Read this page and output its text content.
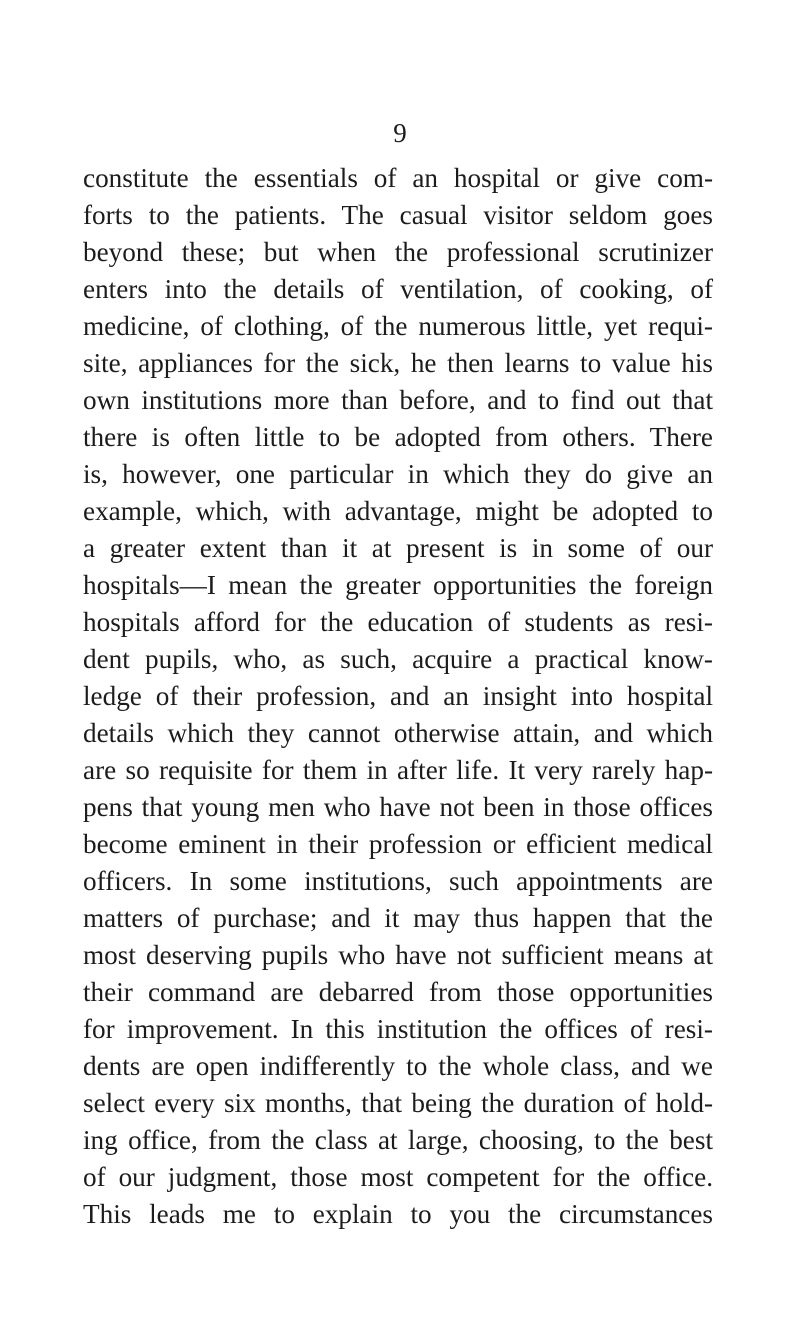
9
constitute the essentials of an hospital or give com-
forts to the patients. The casual visitor seldom goes
beyond these; but when the professional scrutinizer
enters into the details of ventilation, of cooking, of
medicine, of clothing, of the numerous little, yet requi-
site, appliances for the sick, he then learns to value his
own institutions more than before, and to find out that
there is often little to be adopted from others. There
is, however, one particular in which they do give an
example, which, with advantage, might be adopted to
a greater extent than it at present is in some of our
hospitals—I mean the greater opportunities the foreign
hospitals afford for the education of students as resi-
dent pupils, who, as such, acquire a practical know-
ledge of their profession, and an insight into hospital
details which they cannot otherwise attain, and which
are so requisite for them in after life. It very rarely hap-
pens that young men who have not been in those offices
become eminent in their profession or efficient medical
officers. In some institutions, such appointments are
matters of purchase; and it may thus happen that the
most deserving pupils who have not sufficient means at
their command are debarred from those opportunities
for improvement. In this institution the offices of resi-
dents are open indifferently to the whole class, and we
select every six months, that being the duration of hold-
ing office, from the class at large, choosing, to the best
of our judgment, those most competent for the office.
This leads me to explain to you the circumstances
